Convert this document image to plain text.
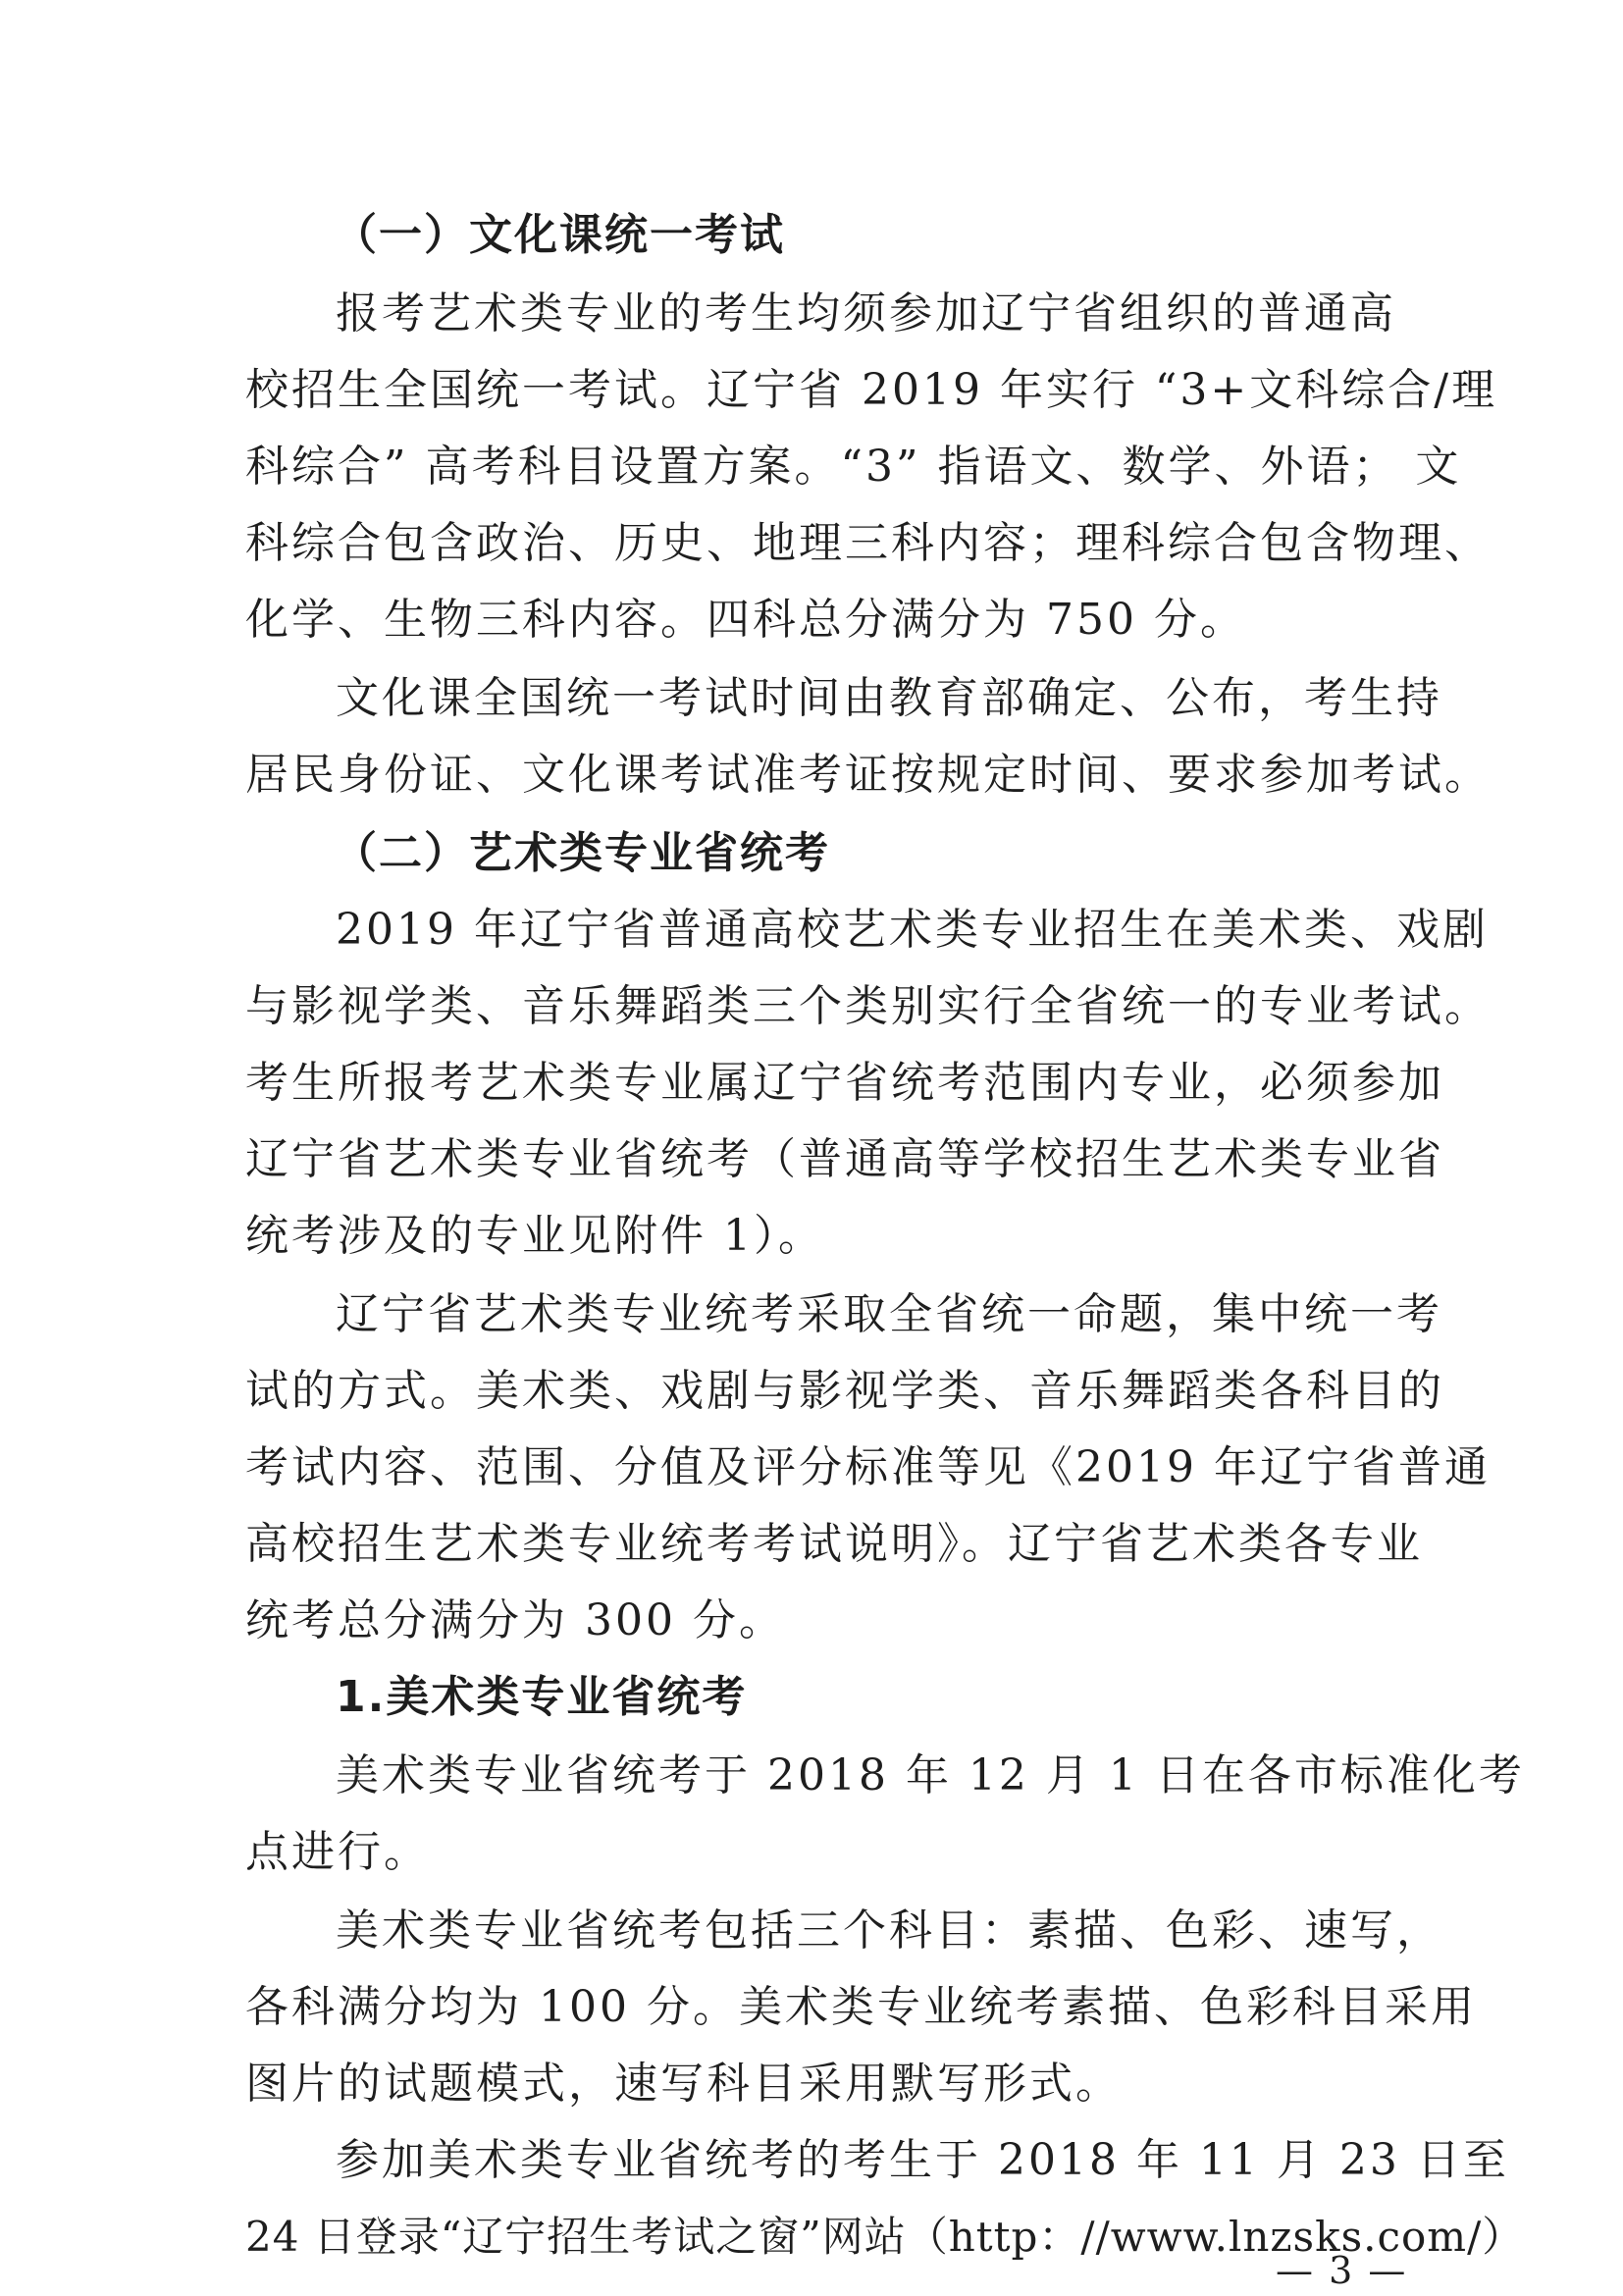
（一）文化课统一考试
报考艺术类专业的考生均须参加辽宁省组织的普通高
校招生全国统一考试。辽宁省 2019 年实行 “3+文科综合/理
科综合” 高考科目设置方案。“3” 指语文、数学、外语； 文
科综合包含政治、历史、地理三科内容；理科综合包含物理、
化学、生物三科内容。四科总分满分为 750 分。
文化课全国统一考试时间由教育部确定、公布，考生持
居民身份证、文化课考试准考证按规定时间、要求参加考试。
（二）艺术类专业省统考
2019 年辽宁省普通高校艺术类专业招生在美术类、戏剧
与影视学类、音乐舞蹈类三个类别实行全省统一的专业考试。
考生所报考艺术类专业属辽宁省统考范围内专业，必须参加
辽宁省艺术类专业省统考（普通高等学校招生艺术类专业省
统考涉及的专业见附件 1）。
辽宁省艺术类专业统考采取全省统一命题，集中统一考
试的方式。美术类、戏剧与影视学类、音乐舞蹈类各科目的
考试内容、范围、分值及评分标准等见《2019 年辽宁省普通
高校招生艺术类专业统考考试说明》。辽宁省艺术类各专业
统考总分满分为 300 分。
1.美术类专业省统考
美术类专业省统考于 2018 年 12 月 1 日在各市标准化考
点进行。
美术类专业省统考包括三个科目：素描、色彩、速写，
各科满分均为 100 分。美术类专业统考素描、色彩科目采用
图片的试题模式，速写科目采用默写形式。
参加美术类专业省统考的考生于 2018 年 11 月 23 日至
24 日登录“辽宁招生考试之窗”网站（http：//www.lnzsks.com/）
— 3 —
